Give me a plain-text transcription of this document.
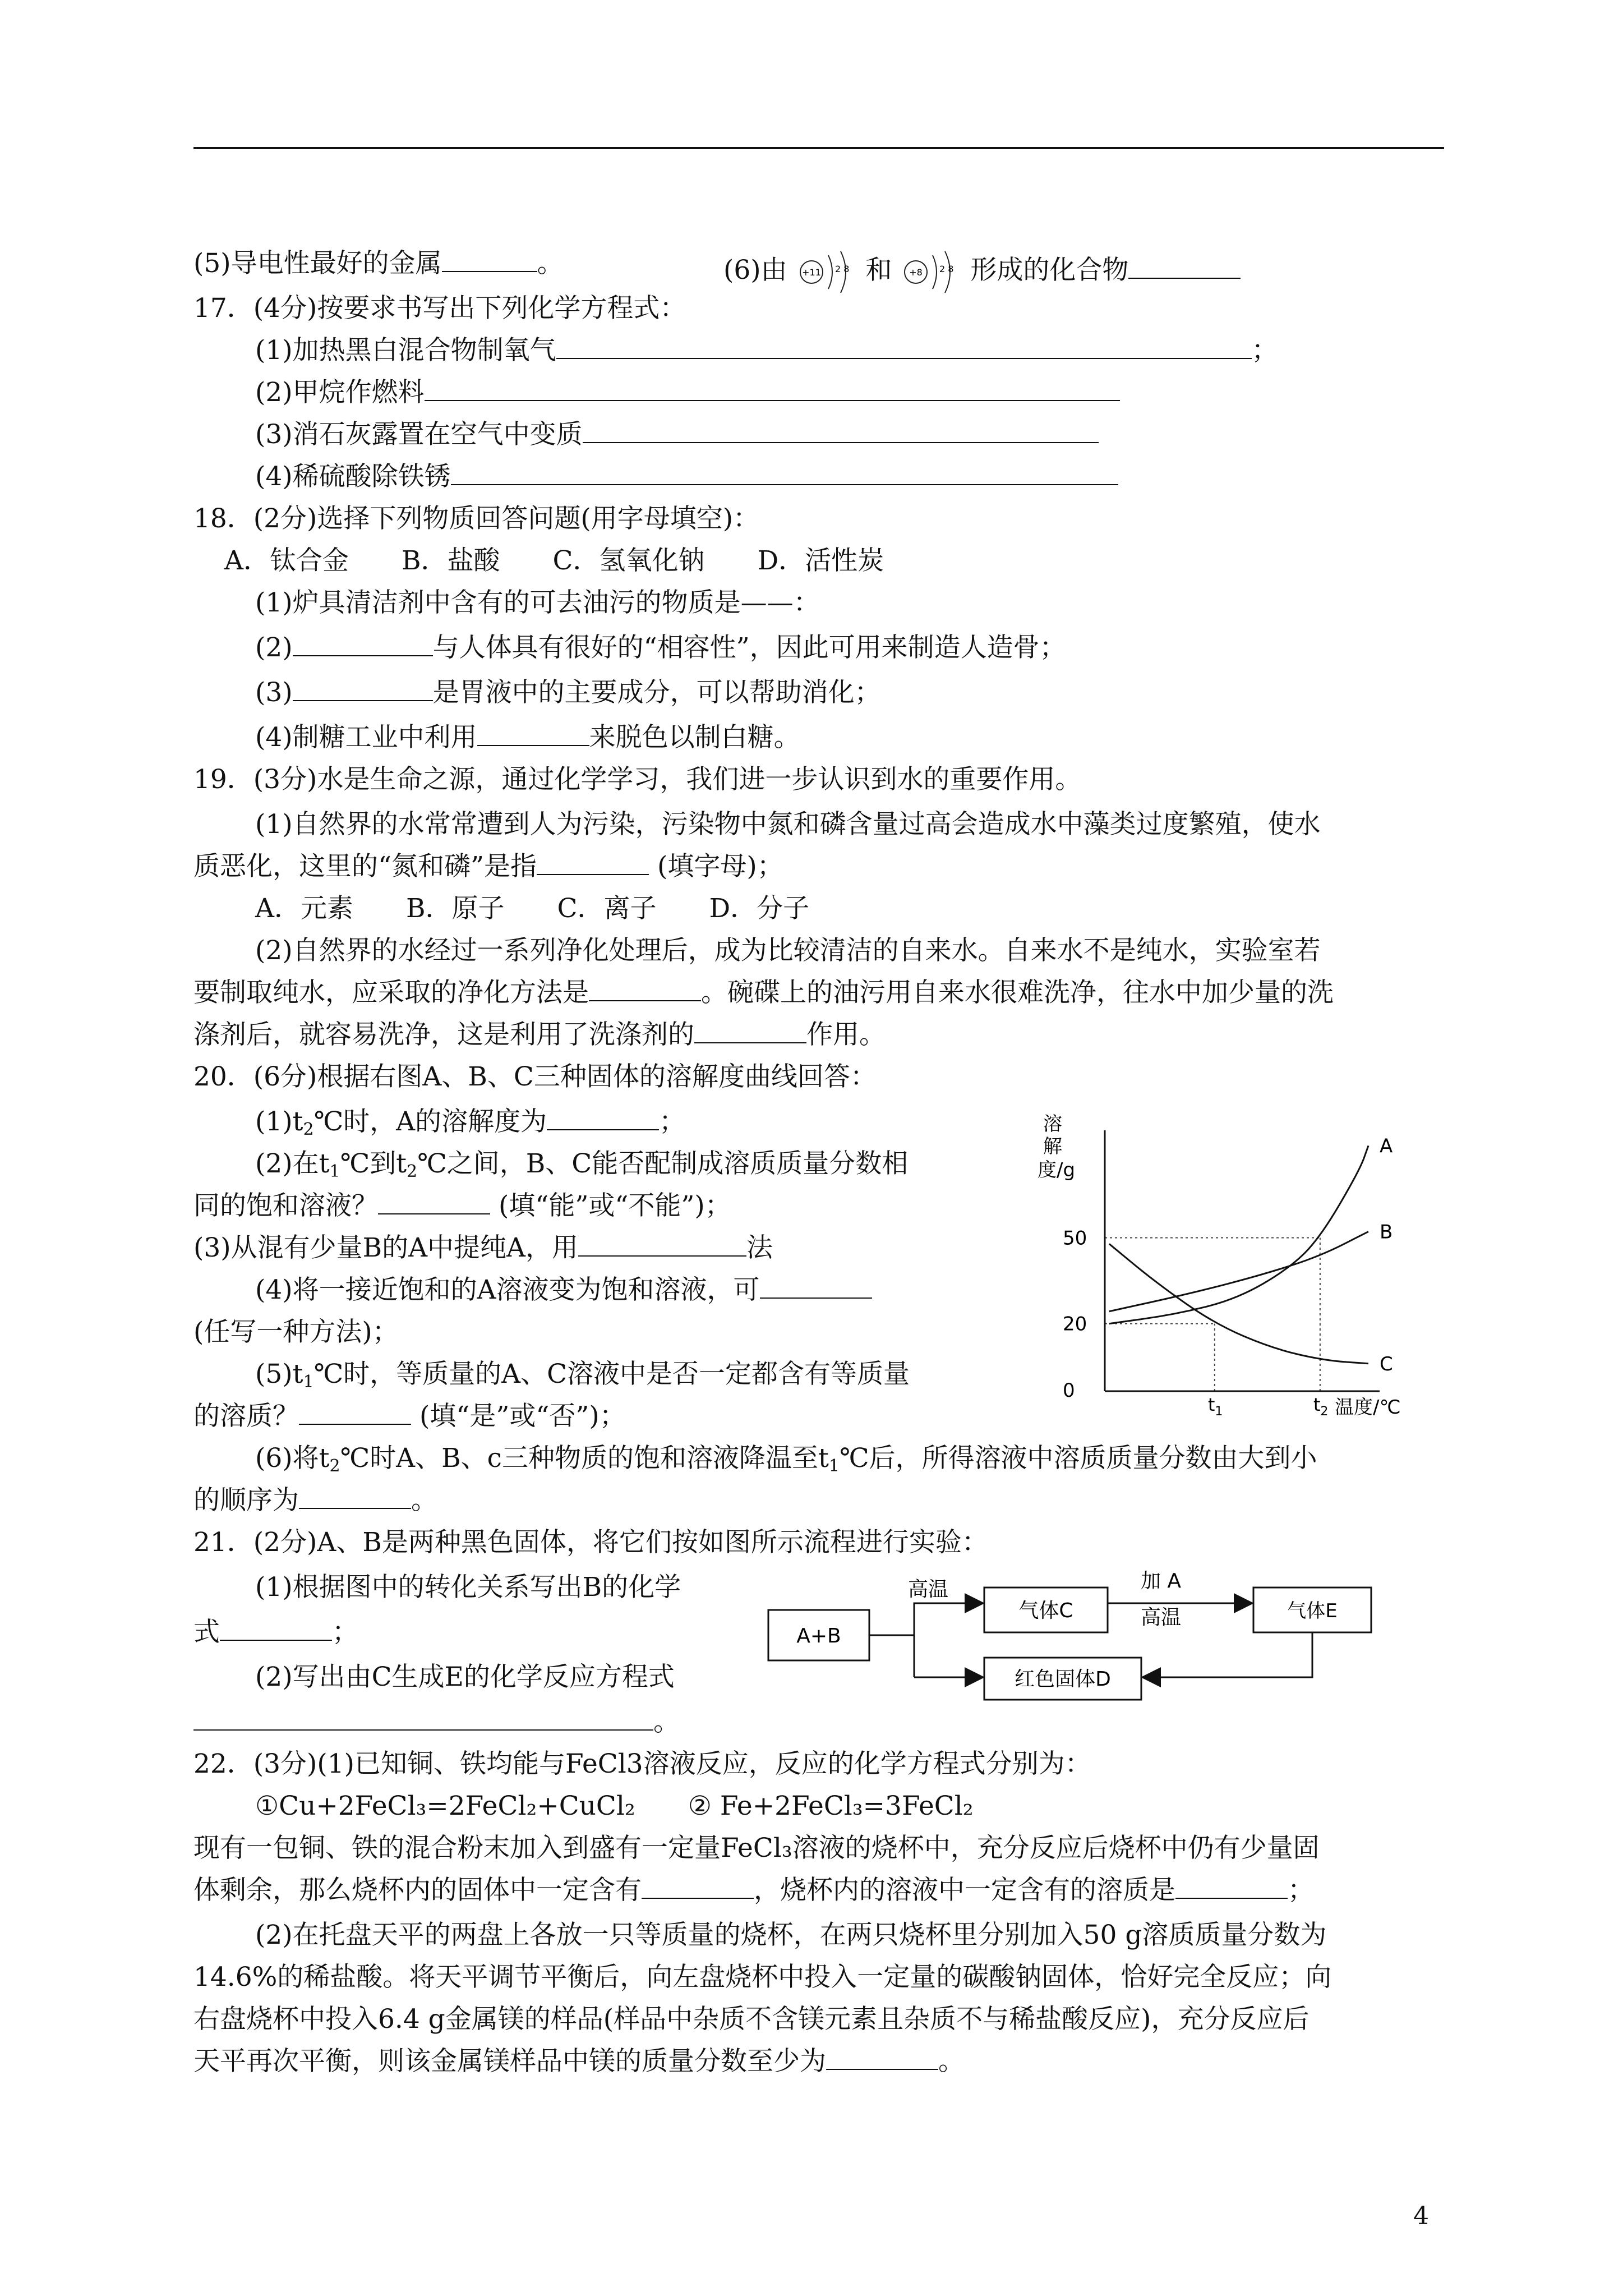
(5)导电性最好的金属	。	(6)由 +11 2 8 和 +8 2 8 形成的化合物
17．(4分)按要求书写出下列化学方程式：
(1)加热黑白混合物制氧气	；
(2)甲烷作燃料
(3)消石灰露置在空气中变质
(4)稀硫酸除铁锈
18．(2分)选择下列物质回答问题(用字母填空)：
A．钛合金　　B．盐酸　　C．氢氧化钠　　D．活性炭
(1)炉具清洁剂中含有的可去油污的物质是——：
(2)	与人体具有很好的“相容性”，因此可用来制造人造骨；
(3)	是胃液中的主要成分，可以帮助消化；
(4)制糖工业中利用	来脱色以制白糖。
19．(3分)水是生命之源，通过化学学习，我们进一步认识到水的重要作用。
(1)自然界的水常常遭到人为污染，污染物中氮和磷含量过高会造成水中藻类过度繁殖，使水
质恶化，这里的“氮和磷”是指	(填字母)；
A．元素　　B．原子　　C．离子　　D．分子
(2)自然界的水经过一系列净化处理后，成为比较清洁的自来水。自来水不是纯水，实验室若
要制取纯水，应采取的净化方法是	。碗碟上的油污用自来水很难洗净，往水中加少量的洗
涤剂后，就容易洗净，这是利用了洗涤剂的	作用。
20．(6分)根据右图A、B、C三种固体的溶解度曲线回答：
$(1)t_2℃$时，A的溶解度为	；
(2)在$t_1℃$到$t_2℃$之间，B、C能否配制成溶质质量分数相
同的饱和溶液？	(填“能”或“不能”)；
(3)从混有少量B的A中提纯A，用	法
(4)将一接近饱和的A溶液变为饱和溶液，可
(任写一种方法)；
$(5)t_1℃$时，等质量的A、C溶液中是否一定都含有等质量
的溶质？	(填“是”或“否”)；
(6)将$t_2℃$时A、B、c三种物质的饱和溶液降温至$t_1℃$后，所得溶液中溶质质量分数由大到小
的顺序为	。
溶
解
度/g
温度/℃
0
20
50
$t_1$	$t_2$
A
B
C
21．(2分)A、B是两种黑色固体，将它们按如图所示流程进行实验：
(1)根据图中的转化关系写出B的化学
式	；
(2)写出由C生成E的化学反应方程式
。
A+B
气体C	气体E
红色固体D
高温	加 A
高温
22．(3分)(1)已知铜、铁均能与FeCl3溶液反应，反应的化学方程式分别为：
①Cu+2FeCl₃=2FeCl₂+CuCl₂　　 ② Fe+2FeCl₃=3FeCl₂
现有一包铜、铁的混合粉末加入到盛有一定量FeCl₃溶液的烧杯中，充分反应后烧杯中仍有少量固
体剩余，那么烧杯内的固体中一定含有	，烧杯内的溶液中一定含有的溶质是	；
(2)在托盘天平的两盘上各放一只等质量的烧杯，在两只烧杯里分别加入50 g溶质质量分数为
14.6%的稀盐酸。将天平调节平衡后，向左盘烧杯中投入一定量的碳酸钠固体，恰好完全反应；向
右盘烧杯中投入6.4 g金属镁的样品(样品中杂质不含镁元素且杂质不与稀盐酸反应)，充分反应后
天平再次平衡，则该金属镁样品中镁的质量分数至少为	。
4
